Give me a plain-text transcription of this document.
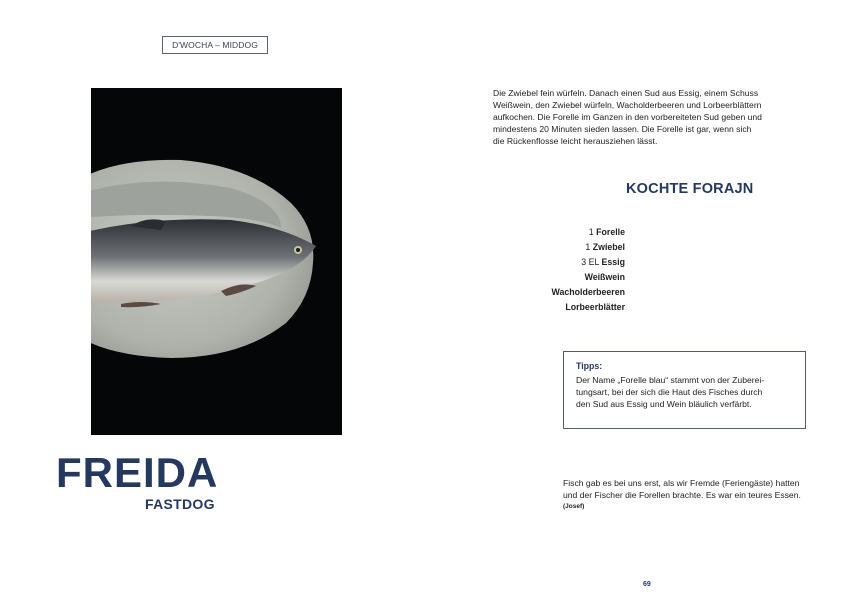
D'WOCHA – MIDDOG
FREIDA
FASTDOG
Die Zwiebel fein würfeln. Danach einen Sud aus Essig, einem Schuss
Weißwein, den Zwiebel würfeln, Wacholderbeeren und Lorbeerblättern
aufkochen. Die Forelle im Ganzen in den vorbereiteten Sud geben und
mindestens 20 Minuten sieden lassen. Die Forelle ist gar, wenn sich
die Rückenflosse leicht herausziehen lässt.
KOCHTE FORAJN
1 Forelle
1 Zwiebel
3 EL Essig
Weißwein
Wacholderbeeren
Lorbeerblätter
Tipps:
Der Name „Forelle blau“ stammt von der Zuberei-
tungsart, bei der sich die Haut des Fisches durch
den Sud aus Essig und Wein bläulich verfärbt.
Fisch gab es bei uns erst, als wir Fremde (Feriengäste) hatten
und der Fischer die Forellen brachte. Es war ein teures Essen.
(Josef)
69
